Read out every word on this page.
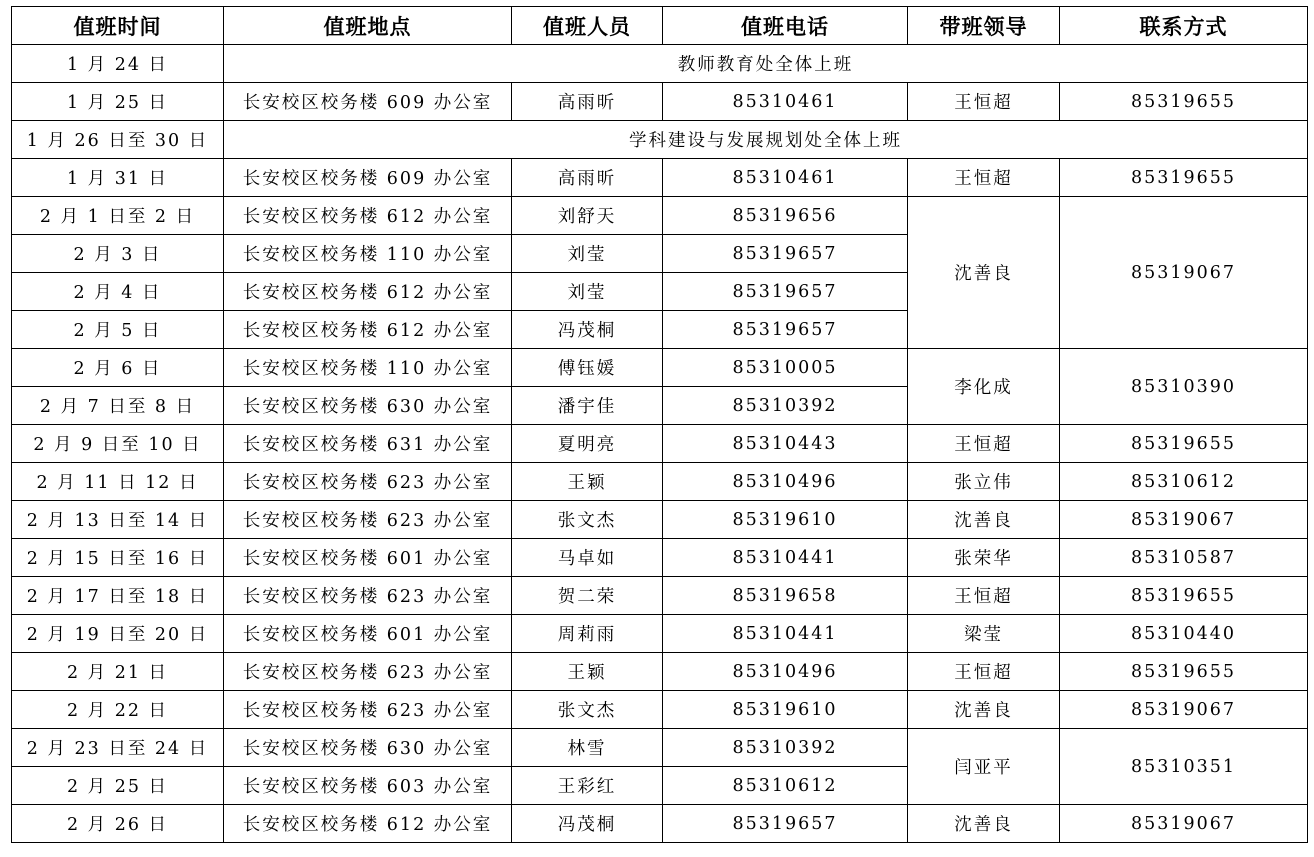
值班时间	值班地点	值班人员	值班电话	带班领导	联系方式
1 月 24 日	教师教育处全体上班				
1 月 25 日	长安校区校务楼 609 办公室	高雨昕	85310461	王恒超	85319655
1 月 26 日至 30 日	学科建设与发展规划处全体上班				
1 月 31 日	长安校区校务楼 609 办公室	高雨昕	85310461	王恒超	85319655
2 月 1 日至 2 日	长安校区校务楼 612 办公室	刘舒天	85319656	沈善良	85319067
2 月 3 日	长安校区校务楼 110 办公室	刘莹	85319657		
2 月 4 日	长安校区校务楼 612 办公室	刘莹	85319657		
2 月 5 日	长安校区校务楼 612 办公室	冯茂桐	85319657		
2 月 6 日	长安校区校务楼 110 办公室	傅钰媛	85310005	李化成	85310390
2 月 7 日至 8 日	长安校区校务楼 630 办公室	潘宇佳	85310392		
2 月 9 日至 10 日	长安校区校务楼 631 办公室	夏明亮	85310443	王恒超	85319655
2 月 11 日 12 日	长安校区校务楼 623 办公室	王颖	85310496	张立伟	85310612
2 月 13 日至 14 日	长安校区校务楼 623 办公室	张文杰	85319610	沈善良	85319067
2 月 15 日至 16 日	长安校区校务楼 601 办公室	马卓如	85310441	张荣华	85310587
2 月 17 日至 18 日	长安校区校务楼 623 办公室	贺二荣	85319658	王恒超	85319655
2 月 19 日至 20 日	长安校区校务楼 601 办公室	周莉雨	85310441	梁莹	85310440
2 月 21 日	长安校区校务楼 623 办公室	王颖	85310496	王恒超	85319655
2 月 22 日	长安校区校务楼 623 办公室	张文杰	85319610	沈善良	85319067
2 月 23 日至 24 日	长安校区校务楼 630 办公室	林雪	85310392	闫亚平	85310351
2 月 25 日	长安校区校务楼 603 办公室	王彩红	85310612		
2 月 26 日	长安校区校务楼 612 办公室	冯茂桐	85319657	沈善良	85319067
